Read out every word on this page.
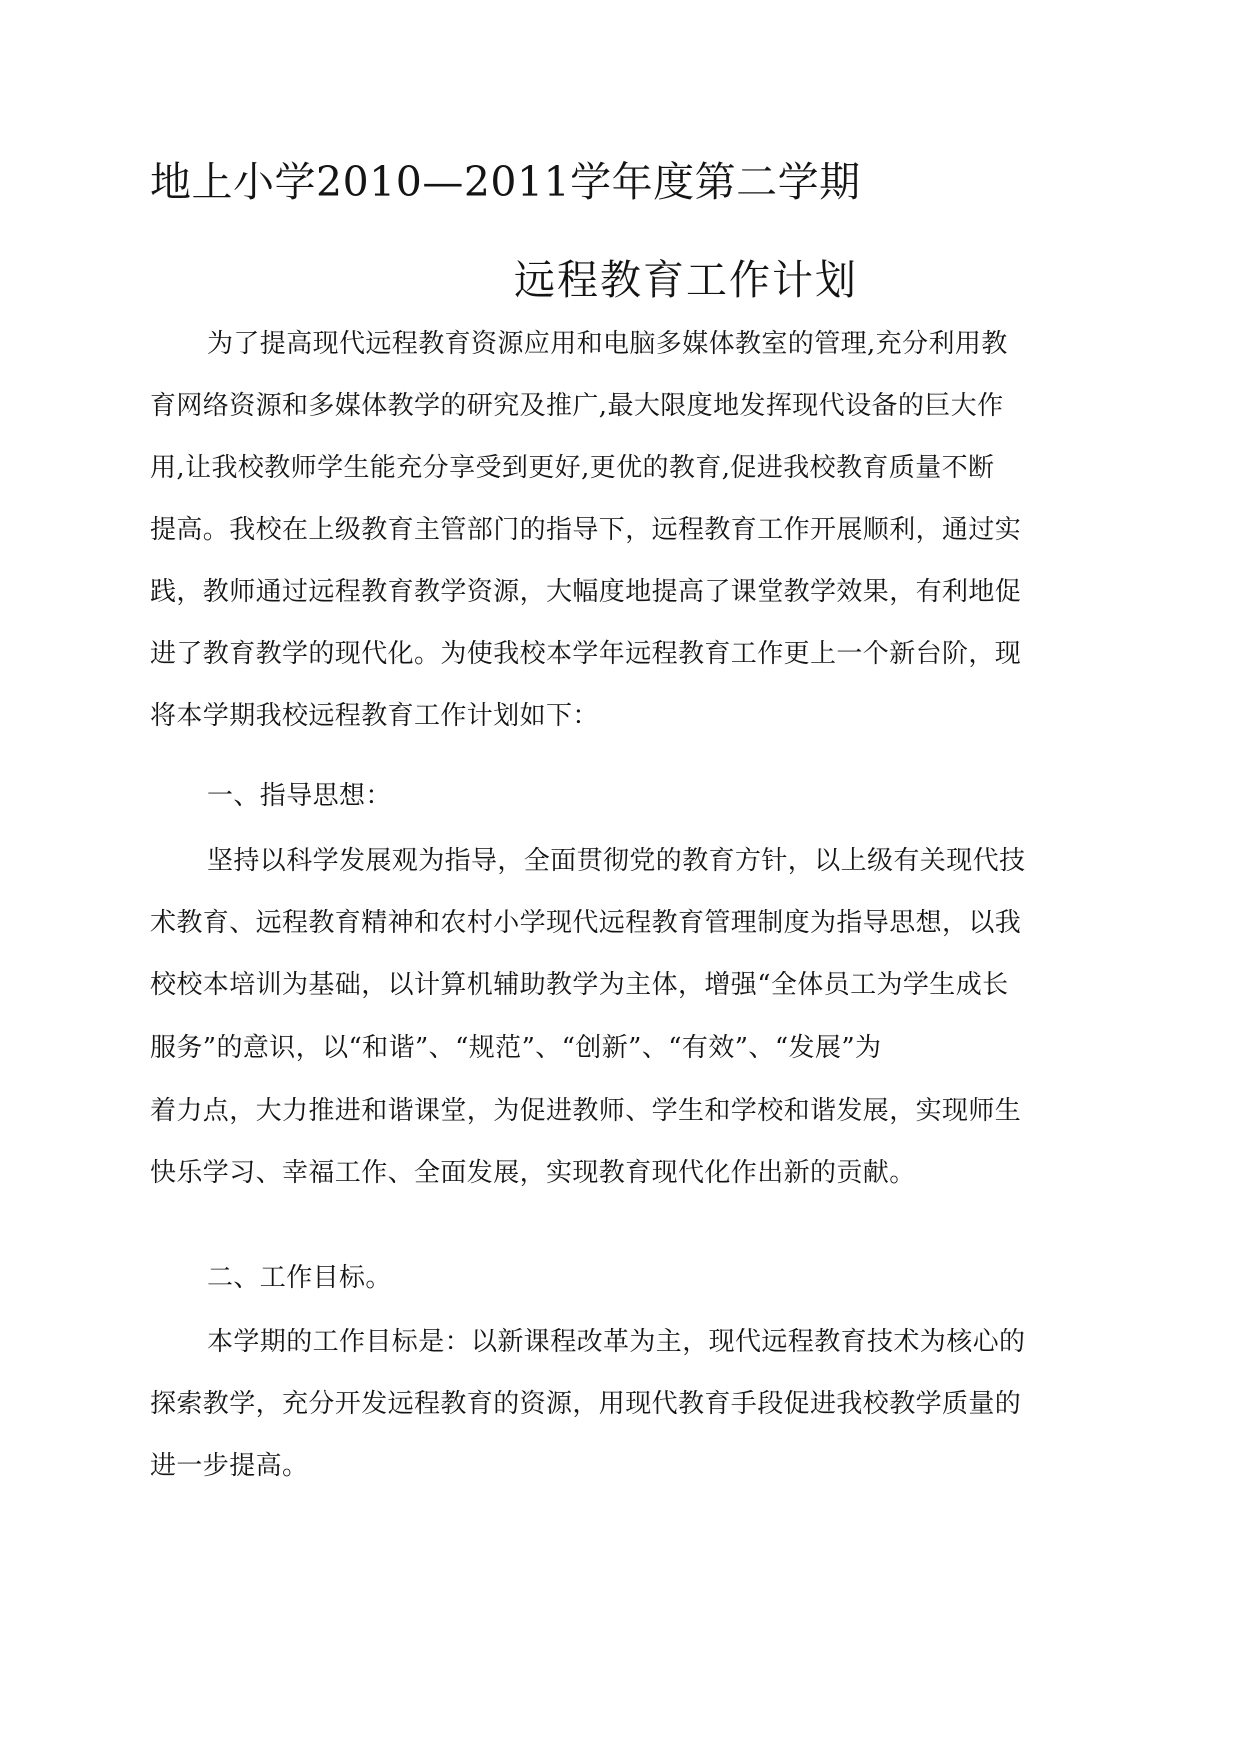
地上小学2010—2011学年度第二学期
远程教育工作计划
为了提高现代远程教育资源应用和电脑多媒体教室的管理,充分利用教
育网络资源和多媒体教学的研究及推广,最大限度地发挥现代设备的巨大作
用,让我校教师学生能充分享受到更好,更优的教育,促进我校教育质量不断
提高。我校在上级教育主管部门的指导下，远程教育工作开展顺利，通过实
践，教师通过远程教育教学资源，大幅度地提高了课堂教学效果，有利地促
进了教育教学的现代化。为使我校本学年远程教育工作更上一个新台阶，现
将本学期我校远程教育工作计划如下：
一、指导思想：
坚持以科学发展观为指导，全面贯彻党的教育方针，以上级有关现代技
术教育、远程教育精神和农村小学现代远程教育管理制度为指导思想，以我
校校本培训为基础，以计算机辅助教学为主体，增强“全体员工为学生成长
服务”的意识，以“和谐”、“规范”、“创新”、“有效”、“发展”为
着力点，大力推进和谐课堂，为促进教师、学生和学校和谐发展，实现师生
快乐学习、幸福工作、全面发展，实现教育现代化作出新的贡献。
二、工作目标。
本学期的工作目标是：以新课程改革为主，现代远程教育技术为核心的
探索教学，充分开发远程教育的资源，用现代教育手段促进我校教学质量的
进一步提高。
